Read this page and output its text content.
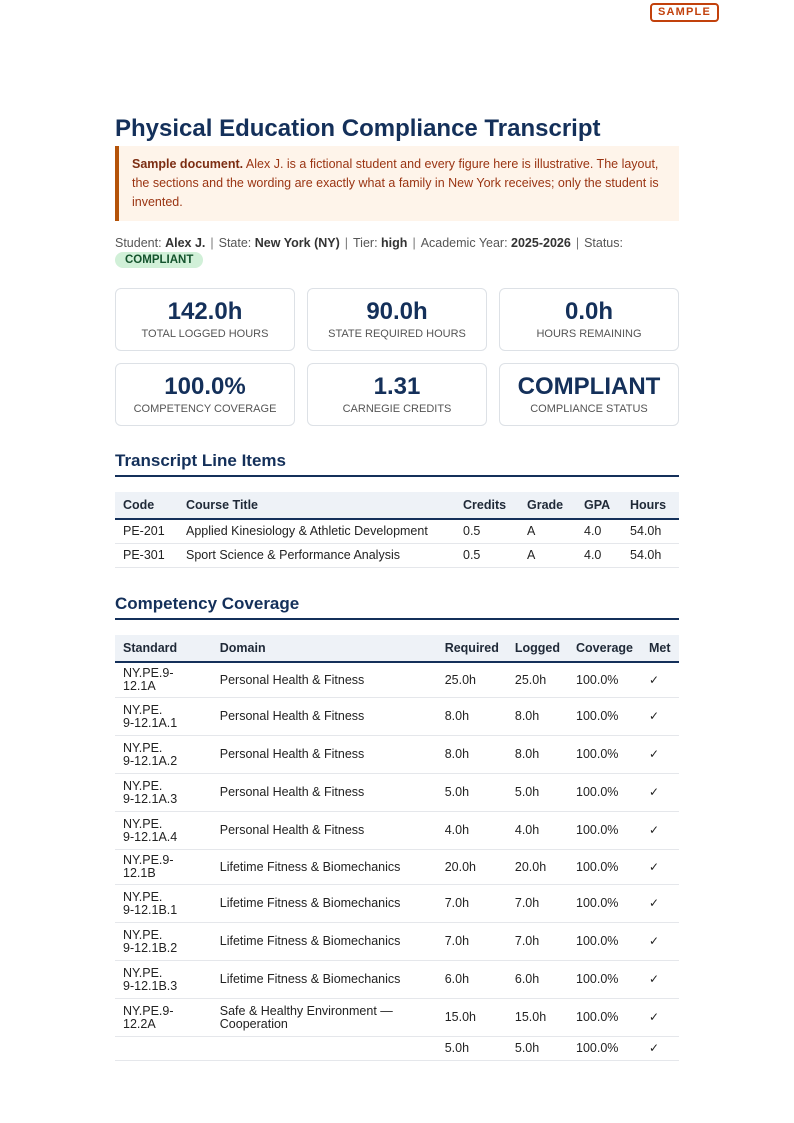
SAMPLE
Physical Education Compliance Transcript
Sample document. Alex J. is a fictional student and every figure here is illustrative. The layout, the sections and the wording are exactly what a family in New York receives; only the student is invented.
Student: Alex J. | State: New York (NY) | Tier: high | Academic Year: 2025-2026 | Status:
COMPLIANT
142.0h
TOTAL LOGGED HOURS
90.0h
STATE REQUIRED HOURS
0.0h
HOURS REMAINING
100.0%
COMPETENCY COVERAGE
1.31
CARNEGIE CREDITS
COMPLIANT
COMPLIANCE STATUS
Transcript Line Items
Code	Course Title	Credits	Grade	GPA	Hours
PE-201	Applied Kinesiology & Athletic Development	0.5	A	4.0	54.0h
PE-301	Sport Science & Performance Analysis	0.5	A	4.0	54.0h
Competency Coverage
Standard	Domain	Required	Logged	Coverage	Met
NY.PE.9-12.1A	Personal Health & Fitness	25.0h	25.0h	100.0%	✓
NY.PE.
9-12.1A.1	Personal Health & Fitness	8.0h	8.0h	100.0%	✓
NY.PE.
9-12.1A.2	Personal Health & Fitness	8.0h	8.0h	100.0%	✓
NY.PE.
9-12.1A.3	Personal Health & Fitness	5.0h	5.0h	100.0%	✓
NY.PE.
9-12.1A.4	Personal Health & Fitness	4.0h	4.0h	100.0%	✓
NY.PE.9-12.1B	Lifetime Fitness & Biomechanics	20.0h	20.0h	100.0%	✓
NY.PE.
9-12.1B.1	Lifetime Fitness & Biomechanics	7.0h	7.0h	100.0%	✓
NY.PE.
9-12.1B.2	Lifetime Fitness & Biomechanics	7.0h	7.0h	100.0%	✓
NY.PE.
9-12.1B.3	Lifetime Fitness & Biomechanics	6.0h	6.0h	100.0%	✓
NY.PE.9-12.2A	Safe & Healthy Environment — Cooperation	15.0h	15.0h	100.0%	✓
		5.0h	5.0h	100.0%	✓
